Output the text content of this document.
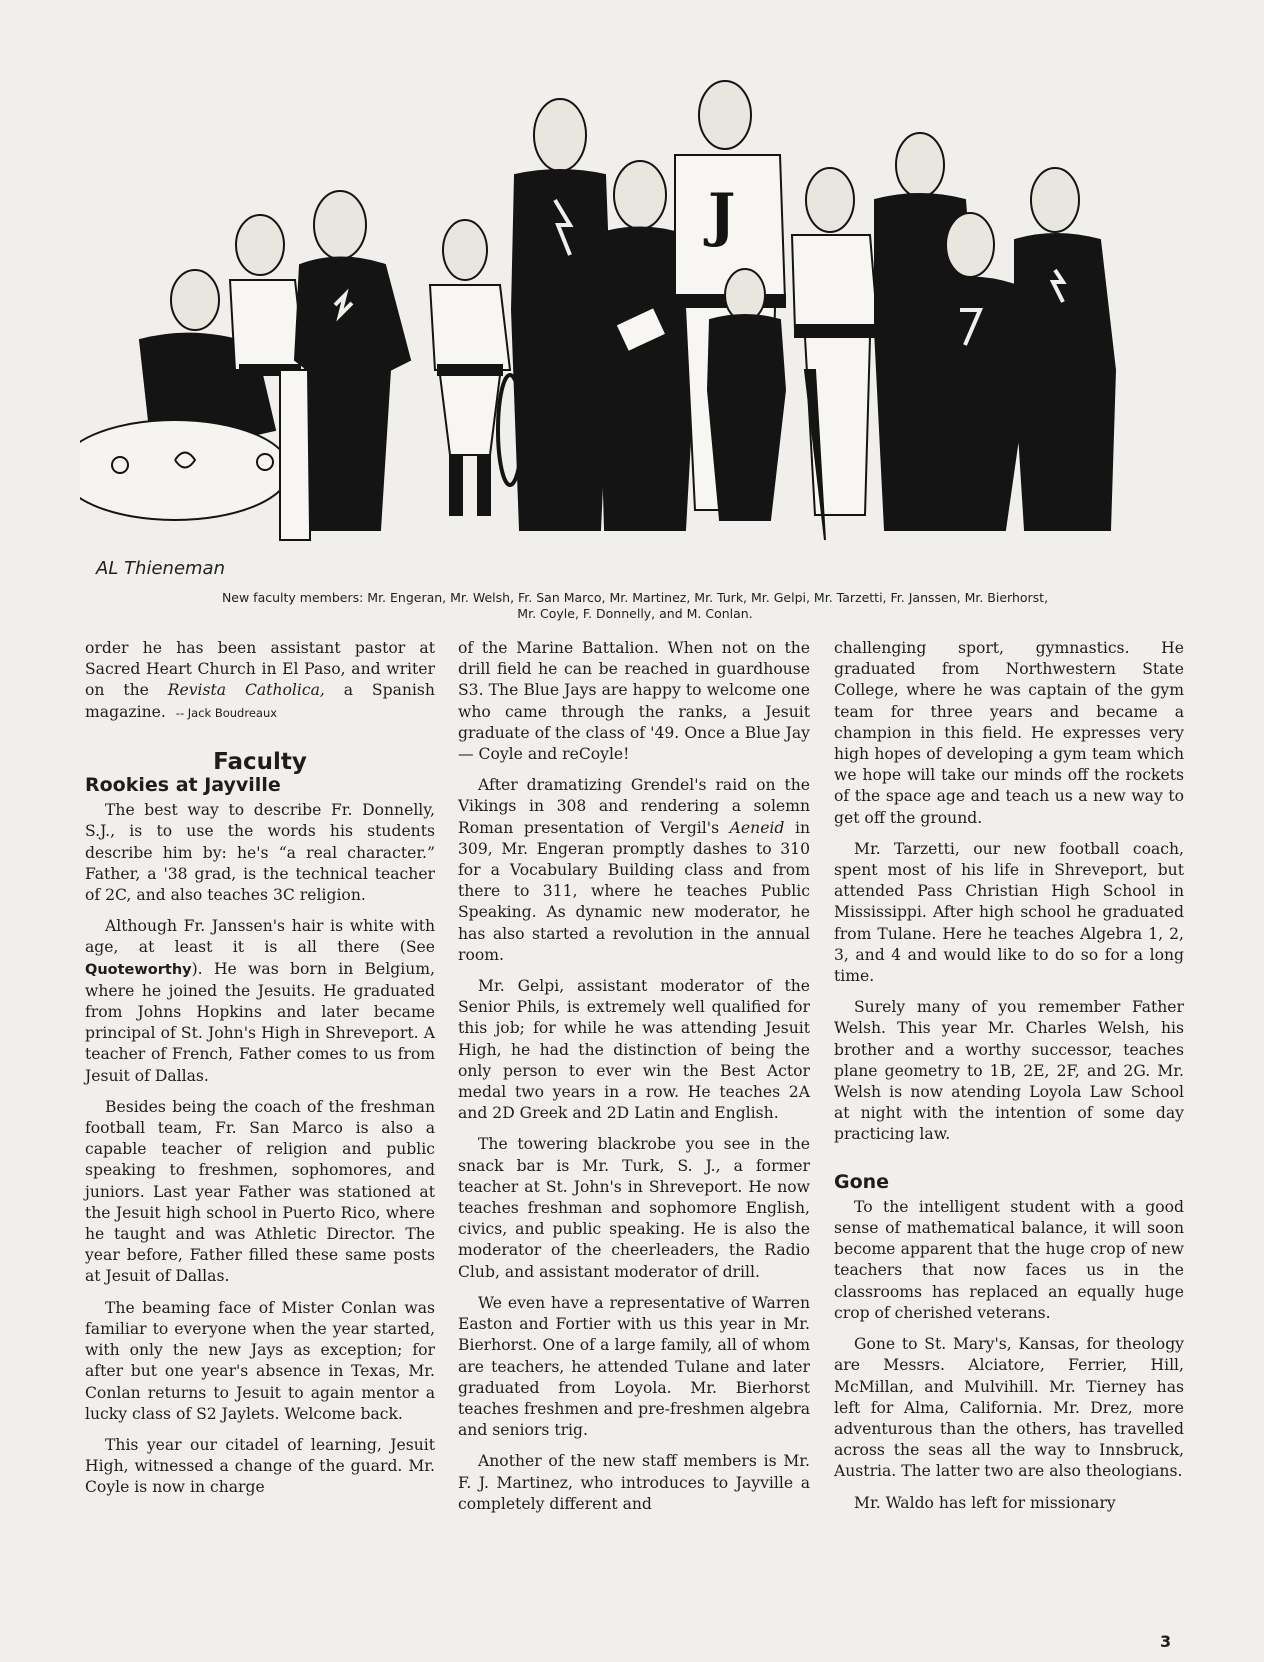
J
AL Thieneman
New faculty members: Mr. Engeran, Mr. Welsh, Fr. San Marco, Mr. Martinez, Mr. Turk, Mr. Gelpi, Mr. Tarzetti, Fr. Janssen, Mr. Bierhorst,
Mr. Coyle, F. Donnelly, and M. Conlan.

order he has been assistant pastor at Sacred Heart Church in El Paso, and writer on the Revista Catholica, a Spanish magazine. -- Jack Boudreaux

Faculty
Rookies at Jayville

The best way to describe Fr. Donnelly, S.J., is to use the words his students describe him by: he's “a real character.” Father, a '38 grad, is the technical teacher of 2C, and also teaches 3C religion.

Although Fr. Janssen's hair is white with age, at least it is all there (See Quoteworthy). He was born in Belgium, where he joined the Jesuits. He graduated from Johns Hopkins and later became principal of St. John's High in Shreveport. A teacher of French, Father comes to us from Jesuit of Dallas.

Besides being the coach of the freshman football team, Fr. San Marco is also a capable teacher of religion and public speaking to freshmen, sophomores, and juniors. Last year Father was stationed at the Jesuit high school in Puerto Rico, where he taught and was Athletic Director. The year before, Father filled these same posts at Jesuit of Dallas.

The beaming face of Mister Conlan was familiar to everyone when the year started, with only the new Jays as exception; for after but one year's absence in Texas, Mr. Conlan returns to Jesuit to again mentor a lucky class of S2 Jaylets. Welcome back.

This year our citadel of learning, Jesuit High, witnessed a change of the guard. Mr. Coyle is now in charge

of the Marine Battalion. When not on the drill field he can be reached in guardhouse S3. The Blue Jays are happy to welcome one who came through the ranks, a Jesuit graduate of the class of '49. Once a Blue Jay — Coyle and reCoyle!

After dramatizing Grendel's raid on the Vikings in 308 and rendering a solemn Roman presentation of Vergil's Aeneid in 309, Mr. Engeran promptly dashes to 310 for a Vocabulary Building class and from there to 311, where he teaches Public Speaking. As dynamic new moderator, he has also started a revolution in the annual room.

Mr. Gelpi, assistant moderator of the Senior Phils, is extremely well qualified for this job; for while he was attending Jesuit High, he had the distinction of being the only person to ever win the Best Actor medal two years in a row. He teaches 2A and 2D Greek and 2D Latin and English.

The towering blackrobe you see in the snack bar is Mr. Turk, S. J., a former teacher at St. John's in Shreveport. He now teaches freshman and sophomore English, civics, and public speaking. He is also the moderator of the cheerleaders, the Radio Club, and assistant moderator of drill.

We even have a representative of Warren Easton and Fortier with us this year in Mr. Bierhorst. One of a large family, all of whom are teachers, he attended Tulane and later graduated from Loyola. Mr. Bierhorst teaches freshmen and pre-freshmen algebra and seniors trig.

Another of the new staff members is Mr. F. J. Martinez, who introduces to Jayville a completely different and

challenging sport, gymnastics. He graduated from Northwestern State College, where he was captain of the gym team for three years and became a champion in this field. He expresses very high hopes of developing a gym team which we hope will take our minds off the rockets of the space age and teach us a new way to get off the ground.

Mr. Tarzetti, our new football coach, spent most of his life in Shreveport, but attended Pass Christian High School in Mississippi. After high school he graduated from Tulane. Here he teaches Algebra 1, 2, 3, and 4 and would like to do so for a long time.

Surely many of you remember Father Welsh. This year Mr. Charles Welsh, his brother and a worthy successor, teaches plane geometry to 1B, 2E, 2F, and 2G. Mr. Welsh is now atending Loyola Law School at night with the intention of some day practicing law.

Gone

To the intelligent student with a good sense of mathematical balance, it will soon become apparent that the huge crop of new teachers that now faces us in the classrooms has replaced an equally huge crop of cherished veterans.

Gone to St. Mary's, Kansas, for theology are Messrs. Alciatore, Ferrier, Hill, McMillan, and Mulvihill. Mr. Tierney has left for Alma, California. Mr. Drez, more adventurous than the others, has travelled across the seas all the way to Innsbruck, Austria. The latter two are also theologians.

Mr. Waldo has left for missionary

3
